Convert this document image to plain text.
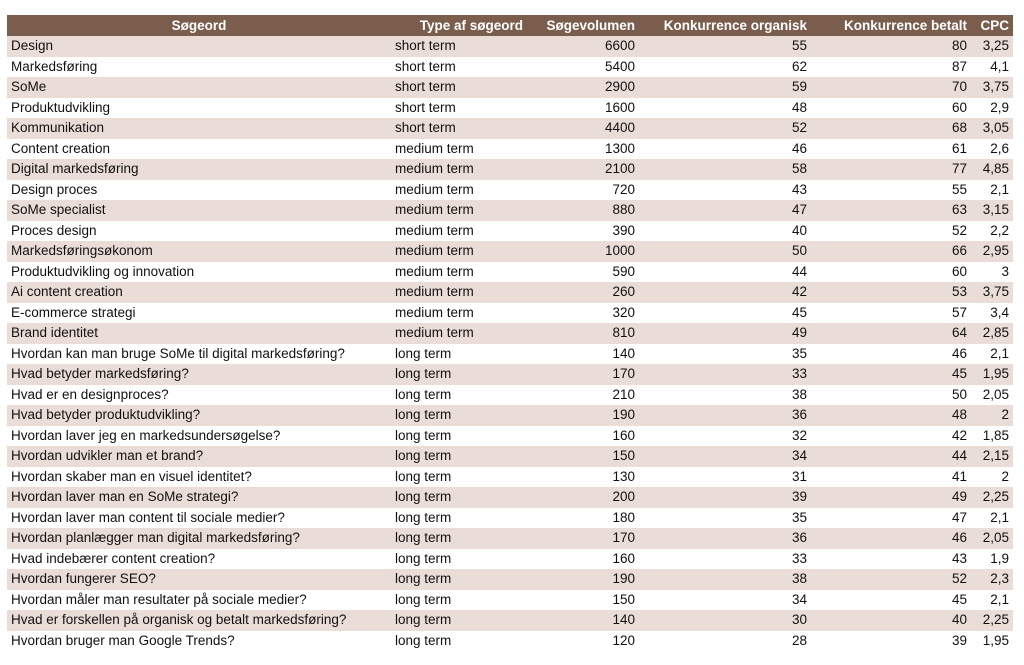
Søgeord	Type af søgeord	Søgevolumen	Konkurrence organisk	Konkurrence betalt	CPC
Design	short term	6600	55	80	3,25
Markedsføring	short term	5400	62	87	4,1
SoMe	short term	2900	59	70	3,75
Produktudvikling	short term	1600	48	60	2,9
Kommunikation	short term	4400	52	68	3,05
Content creation	medium term	1300	46	61	2,6
Digital markedsføring	medium term	2100	58	77	4,85
Design proces	medium term	720	43	55	2,1
SoMe specialist	medium term	880	47	63	3,15
Proces design	medium term	390	40	52	2,2
Markedsføringsøkonom	medium term	1000	50	66	2,95
Produktudvikling og innovation	medium term	590	44	60	3
Ai content creation	medium term	260	42	53	3,75
E-commerce strategi	medium term	320	45	57	3,4
Brand identitet	medium term	810	49	64	2,85
Hvordan kan man bruge SoMe til digital markedsføring?	long term	140	35	46	2,1
Hvad betyder markedsføring?	long term	170	33	45	1,95
Hvad er en designproces?	long term	210	38	50	2,05
Hvad betyder produktudvikling?	long term	190	36	48	2
Hvordan laver jeg en markedsundersøgelse?	long term	160	32	42	1,85
Hvordan udvikler man et brand?	long term	150	34	44	2,15
Hvordan skaber man en visuel identitet?	long term	130	31	41	2
Hvordan laver man en SoMe strategi?	long term	200	39	49	2,25
Hvordan laver man content til sociale medier?	long term	180	35	47	2,1
Hvordan planlægger man digital markedsføring?	long term	170	36	46	2,05
Hvad indebærer content creation?	long term	160	33	43	1,9
Hvordan fungerer SEO?	long term	190	38	52	2,3
Hvordan måler man resultater på sociale medier?	long term	150	34	45	2,1
Hvad er forskellen på organisk og betalt markedsføring?	long term	140	30	40	2,25
Hvordan bruger man Google Trends?	long term	120	28	39	1,95
